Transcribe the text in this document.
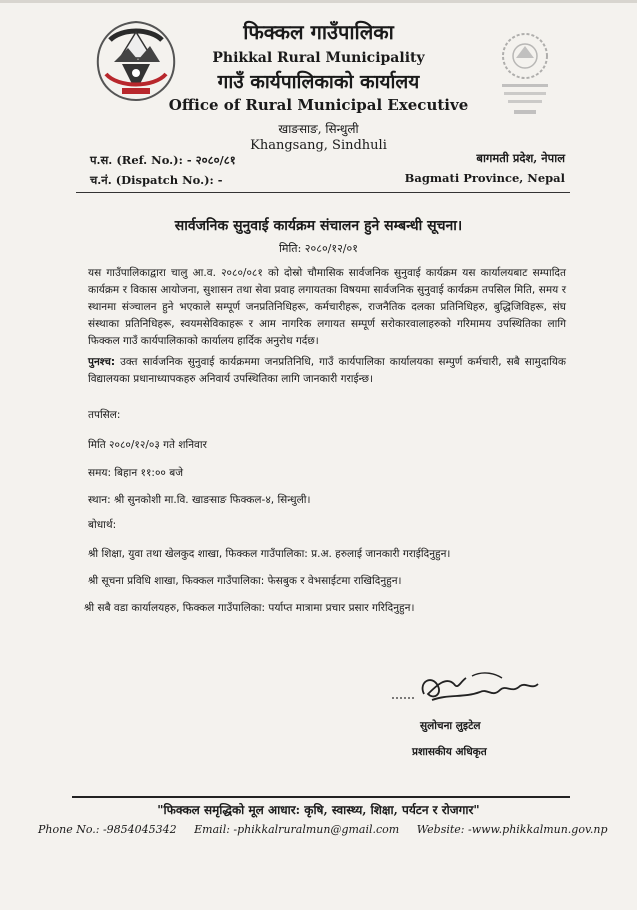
फिक्कल गाउँपालिका
Phikkal Rural Municipality
गाउँ कार्यपालिकाको कार्यालय
Office of Rural Municipal Executive
खाङसाङ, सिन्धुली
Khangsang, Sindhuli
प.स. (Ref. No.): - २०८०/८१
च.नं. (Dispatch No.): -
बागमती प्रदेश, नेपाल
Bagmati Province, Nepal
सार्वजनिक सुनुवाई कार्यक्रम संचालन हुने सम्बन्धी सूचना।
मिति: २०८०/१२/०१
यस गाउँपालिकाद्वारा चालु आ.व. २०८०/०८१ को दोस्रो चौमासिक सार्वजनिक सुनुवाई कार्यक्रम यस कार्यालयबाट सम्पादित कार्यक्रम र विकास आयोजना, सुशासन तथा सेवा प्रवाह लगायतका विषयमा सार्वजनिक सुनुवाई कार्यक्रम तपसिल मिति, समय र स्थानमा संञ्चालन हुने भएकाले सम्पूर्ण जनप्रतिनिधिहरू, कर्मचारीहरू, राजनैतिक दलका प्रतिनिधिहरु, बुद्धिजिविहरू, संघ संस्थाका प्रतिनिधिहरू, स्वयमसेविकाहरू र आम नागरिक लगायत सम्पूर्ण सरोकारवालाहरुको गरिमामय उपस्थितिका लागि फिक्कल गाउँ कार्यपालिकाको कार्यालय हार्दिक अनुरोध गर्दछ।
पुनश्च: उक्त सार्वजनिक सुनुवाई कार्यक्रममा जनप्रतिनिधि, गाउँ कार्यपालिका कार्यालयका सम्पुर्ण कर्मचारी, सबै सामुदायिक विद्यालयका प्रधानाध्यापकहरु अनिवार्य उपस्थितिका लागि जानकारी गराईन्छ।
तपसिल:
मिति २०८०/१२/०३ गते शनिवार
समय: बिहान ११:०० बजे
स्थान: श्री सुनकोशी मा.वि. खाङसाङ फिक्कल-४, सिन्धुली।
बोधार्थ:
श्री शिक्षा, युवा तथा खेलकुद शाखा, फिक्कल गाउँपालिका: प्र.अ. हरुलाई जानकारी गराईदिनुहुन।
श्री सूचना प्रविधि शाखा, फिक्कल गाउँपालिका: फेसबुक र वेभसाईटमा राखिदिनुहुन।
श्री सबै वडा कार्यालयहरु, फिक्कल गाउँपालिका: पर्याप्त मात्रामा प्रचार प्रसार गरिदिनुहुन।
सुलोचना लुइटेल
प्रशासकीय अधिकृत
"फिक्कल समृद्धिको मूल आधार: कृषि, स्वास्थ्य, शिक्षा, पर्यटन र रोजगार"
Phone No.: -9854045342 Email: -phikkalruralmun@gmail.com Website: -www.phikkalmun.gov.np
